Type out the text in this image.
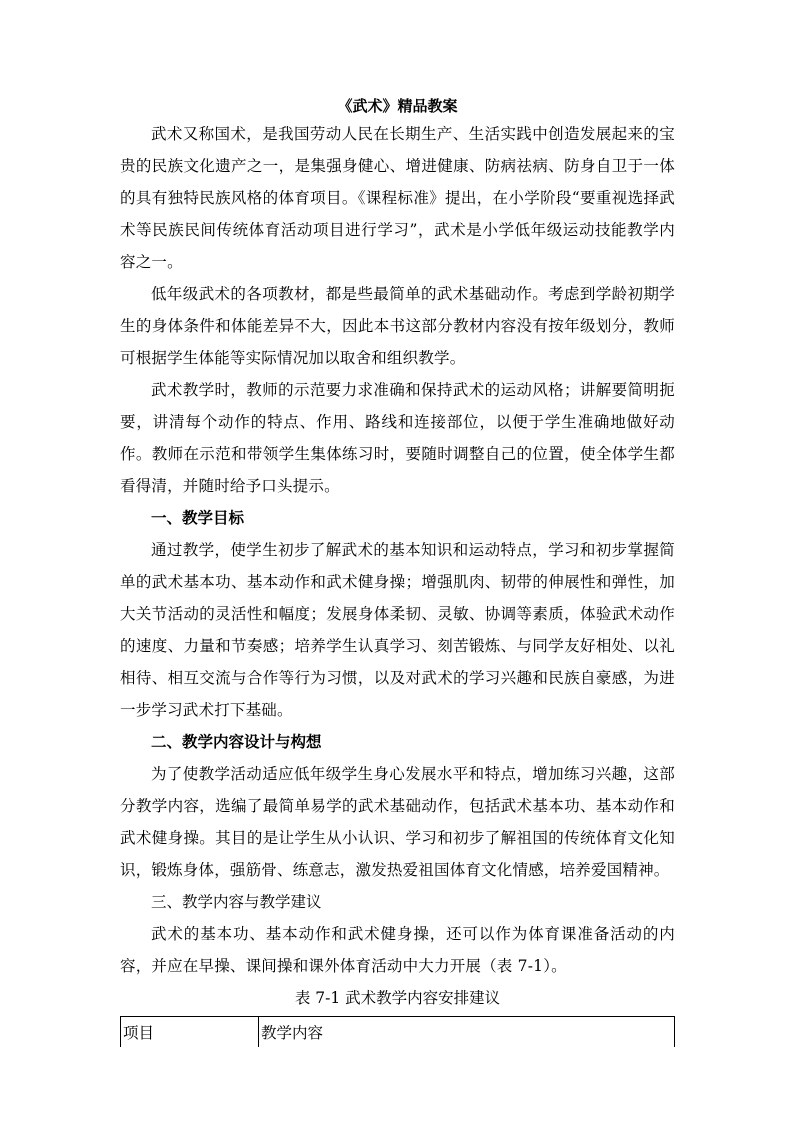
《武术》精品教案

武术又称国术，是我国劳动人民在长期生产、生活实践中创造发展起来的宝贵的民族文化遗产之一，是集强身健心、增进健康、防病祛病、防身自卫于一体的具有独特民族风格的体育项目。《课程标准》提出，在小学阶段“要重视选择武术等民族民间传统体育活动项目进行学习”，武术是小学低年级运动技能教学内容之一。

低年级武术的各项教材，都是些最简单的武术基础动作。考虑到学龄初期学生的身体条件和体能差异不大，因此本书这部分教材内容没有按年级划分，教师可根据学生体能等实际情况加以取舍和组织教学。

武术教学时，教师的示范要力求准确和保持武术的运动风格；讲解要简明扼要，讲清每个动作的特点、作用、路线和连接部位，以便于学生准确地做好动作。教师在示范和带领学生集体练习时，要随时调整自己的位置，使全体学生都看得清，并随时给予口头提示。

一、教学目标

通过教学，使学生初步了解武术的基本知识和运动特点，学习和初步掌握简单的武术基本功、基本动作和武术健身操；增强肌肉、韧带的伸展性和弹性，加大关节活动的灵活性和幅度；发展身体柔韧、灵敏、协调等素质，体验武术动作的速度、力量和节奏感；培养学生认真学习、刻苦锻炼、与同学友好相处、以礼相待、相互交流与合作等行为习惯，以及对武术的学习兴趣和民族自豪感，为进一步学习武术打下基础。

二、教学内容设计与构想

为了使教学活动适应低年级学生身心发展水平和特点，增加练习兴趣，这部分教学内容，选编了最简单易学的武术基础动作，包括武术基本功、基本动作和武术健身操。其目的是让学生从小认识、学习和初步了解祖国的传统体育文化知识，锻炼身体，强筋骨、练意志，激发热爱祖国体育文化情感，培养爱国精神。

三、教学内容与教学建议

武术的基本功、基本动作和武术健身操，还可以作为体育课准备活动的内容，并应在早操、课间操和课外体育活动中大力开展（表 7-1）。

表 7-1 武术教学内容安排建议

项目	教学内容
